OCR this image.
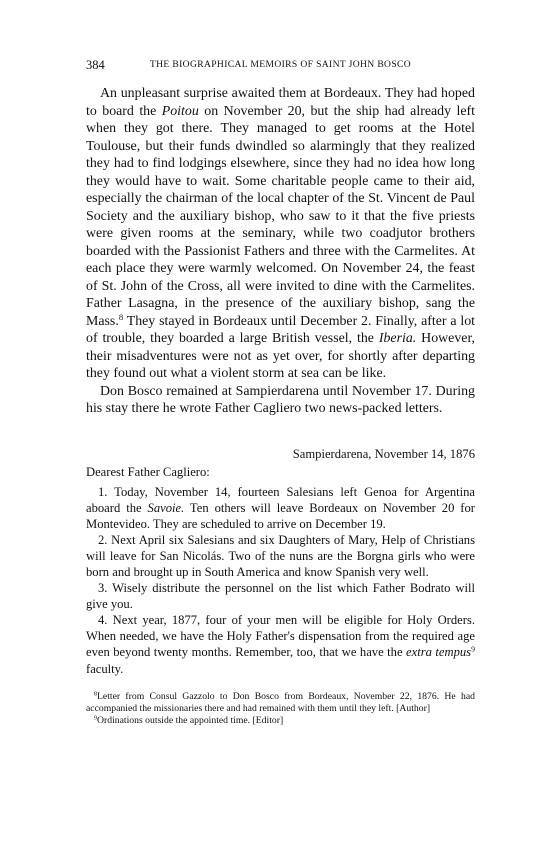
384	THE BIOGRAPHICAL MEMOIRS OF SAINT JOHN BOSCO

An unpleasant surprise awaited them at Bordeaux. They had hoped to board the Poitou on November 20, but the ship had already left when they got there. They managed to get rooms at the Hotel Toulouse, but their funds dwindled so alarmingly that they realized they had to find lodgings elsewhere, since they had no idea how long they would have to wait. Some charitable people came to their aid, especially the chairman of the local chapter of the St. Vincent de Paul Society and the auxiliary bishop, who saw to it that the five priests were given rooms at the seminary, while two coadjutor brothers boarded with the Passionist Fathers and three with the Carmelites. At each place they were warmly welcomed. On November 24, the feast of St. John of the Cross, all were invited to dine with the Carmelites. Father Lasagna, in the presence of the auxiliary bishop, sang the Mass.$^8$ They stayed in Bordeaux until December 2. Finally, after a lot of trouble, they boarded a large British vessel, the Iberia. However, their misadventures were not as yet over, for shortly after departing they found out what a violent storm at sea can be like.

Don Bosco remained at Sampierdarena until November 17. During his stay there he wrote Father Cagliero two news-packed letters.

Sampierdarena, November 14, 1876
Dearest Father Cagliero:

1. Today, November 14, fourteen Salesians left Genoa for Argentina aboard the Savoie. Ten others will leave Bordeaux on November 20 for Montevideo. They are scheduled to arrive on December 19.

2. Next April six Salesians and six Daughters of Mary, Help of Christians will leave for San Nicolás. Two of the nuns are the Borgna girls who were born and brought up in South America and know Spanish very well.

3. Wisely distribute the personnel on the list which Father Bodrato will give you.

4. Next year, 1877, four of your men will be eligible for Holy Orders. When needed, we have the Holy Father's dispensation from the required age even beyond twenty months. Remember, too, that we have the extra tempus$^9$ faculty.

$^8$Letter from Consul Gazzolo to Don Bosco from Bordeaux, November 22, 1876. He had accompanied the missionaries there and had remained with them until they left. [Author]

$^9$Ordinations outside the appointed time. [Editor]
